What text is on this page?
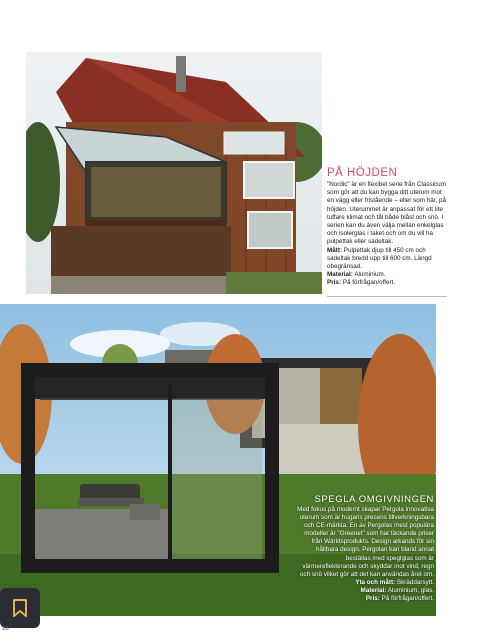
PÅ HÖJDEN

"Nordic" är en flexibel serie från Classicum som gör att du kan bygga ditt uterum mot en vägg eller fristående – eller som här, på höjden. Uterummet är anpassat för ett lite tuffare klimat och tål både blåst och snö. I serien kan du även välja mellan enkelglas och isolerglas i taket och om du vill ha pulpettak eller sadeltak.

Mått: Pulpettak djup till 450 cm och sadeltak bredd upp till 600 cm. Längd obegränsad.

Material: Aluminium.

Pris: På förfrågan/offert.

SPEGLA OMGIVNINGEN

Med fokus på modernt skapar Pergola innovativa uterum som är hugaris precens tillverkningsbara och CE-märkta. En av Pergolas mest populära modeller är "Greenet" som har täckande priser från Wärldsprodukts. Design arkands för sin hållbara design. Pergolan kan bland annat beställas med speglglas som är värmereflekterande och skyddar mot vind, regn och snö vilket gör att det kan användas året om.

Yta och mått: Skräddarsytt.

Material: Aluminium, glas.

Pris: På förfrågan/offert.

18
